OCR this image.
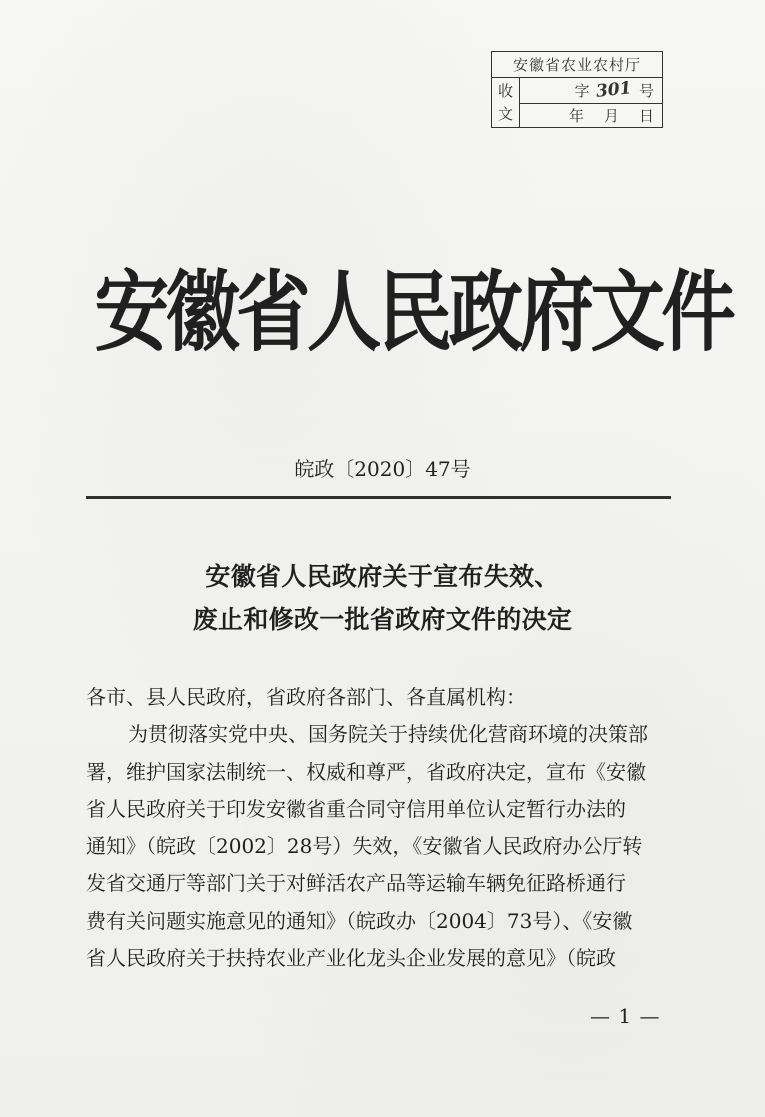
安徽省农业农村厅
收
文
字 301 号
年 月 日
安徽省人民政府文件
皖政〔2020〕47号
安徽省人民政府关于宣布失效、
废止和修改一批省政府文件的决定
各市、县人民政府，省政府各部门、各直属机构：
为贯彻落实党中央、国务院关于持续优化营商环境的决策部
署，维护国家法制统一、权威和尊严，省政府决定，宣布《安徽
省人民政府关于印发安徽省重合同守信用单位认定暂行办法的
通知》（皖政〔2002〕28号）失效，《安徽省人民政府办公厅转
发省交通厅等部门关于对鲜活农产品等运输车辆免征路桥通行
费有关问题实施意见的通知》（皖政办〔2004〕73号）、《安徽
省人民政府关于扶持农业产业化龙头企业发展的意见》（皖政
— 1 —
